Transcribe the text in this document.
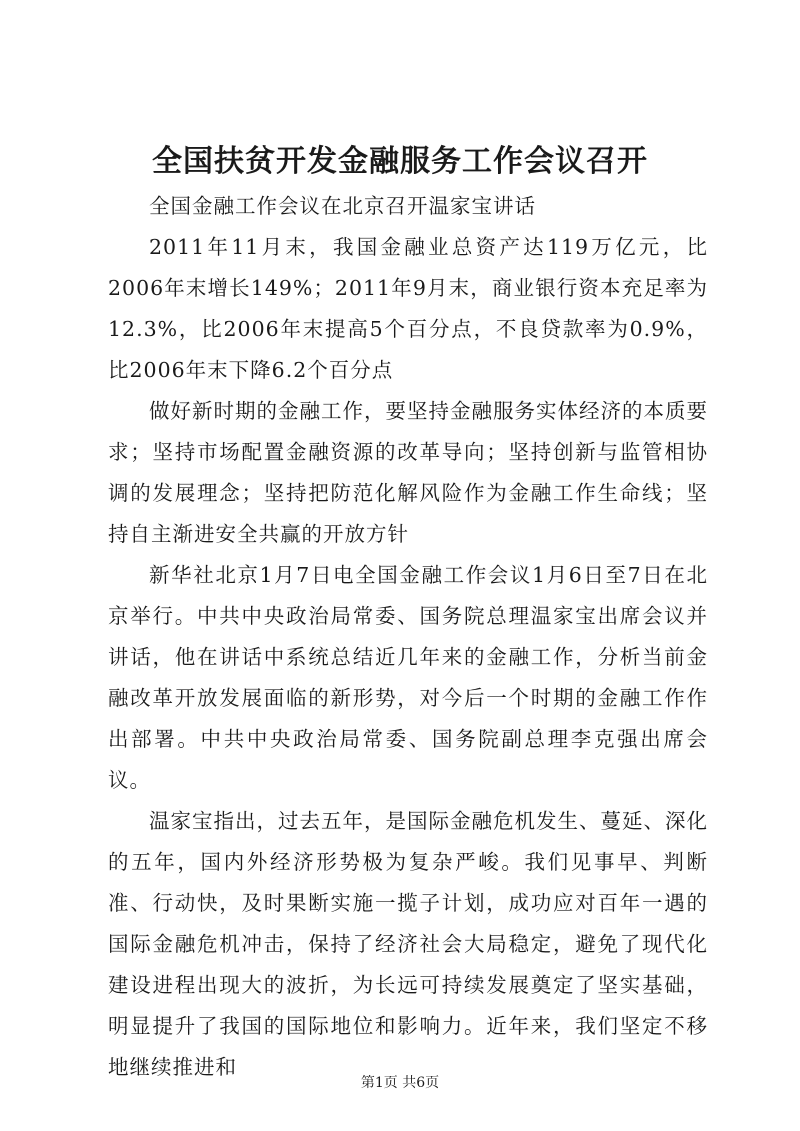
全国扶贫开发金融服务工作会议召开

全国金融工作会议在北京召开温家宝讲话

2011年11月末，我国金融业总资产达119万亿元，比2006年末增长149%；2011年9月末，商业银行资本充足率为12.3%，比2006年末提高5个百分点，不良贷款率为0.9%，比2006年末下降6.2个百分点

做好新时期的金融工作，要坚持金融服务实体经济的本质要求；坚持市场配置金融资源的改革导向；坚持创新与监管相协调的发展理念；坚持把防范化解风险作为金融工作生命线；坚持自主渐进安全共赢的开放方针

新华社北京1月7日电全国金融工作会议1月6日至7日在北京举行。中共中央政治局常委、国务院总理温家宝出席会议并讲话，他在讲话中系统总结近几年来的金融工作，分析当前金融改革开放发展面临的新形势，对今后一个时期的金融工作作出部署。中共中央政治局常委、国务院副总理李克强出席会议。

温家宝指出，过去五年，是国际金融危机发生、蔓延、深化的五年，国内外经济形势极为复杂严峻。我们见事早、判断准、行动快，及时果断实施一揽子计划，成功应对百年一遇的国际金融危机冲击，保持了经济社会大局稳定，避免了现代化建设进程出现大的波折，为长远可持续发展奠定了坚实基础，明显提升了我国的国际地位和影响力。近年来，我们坚定不移地继续推进和

第1页 共6页
